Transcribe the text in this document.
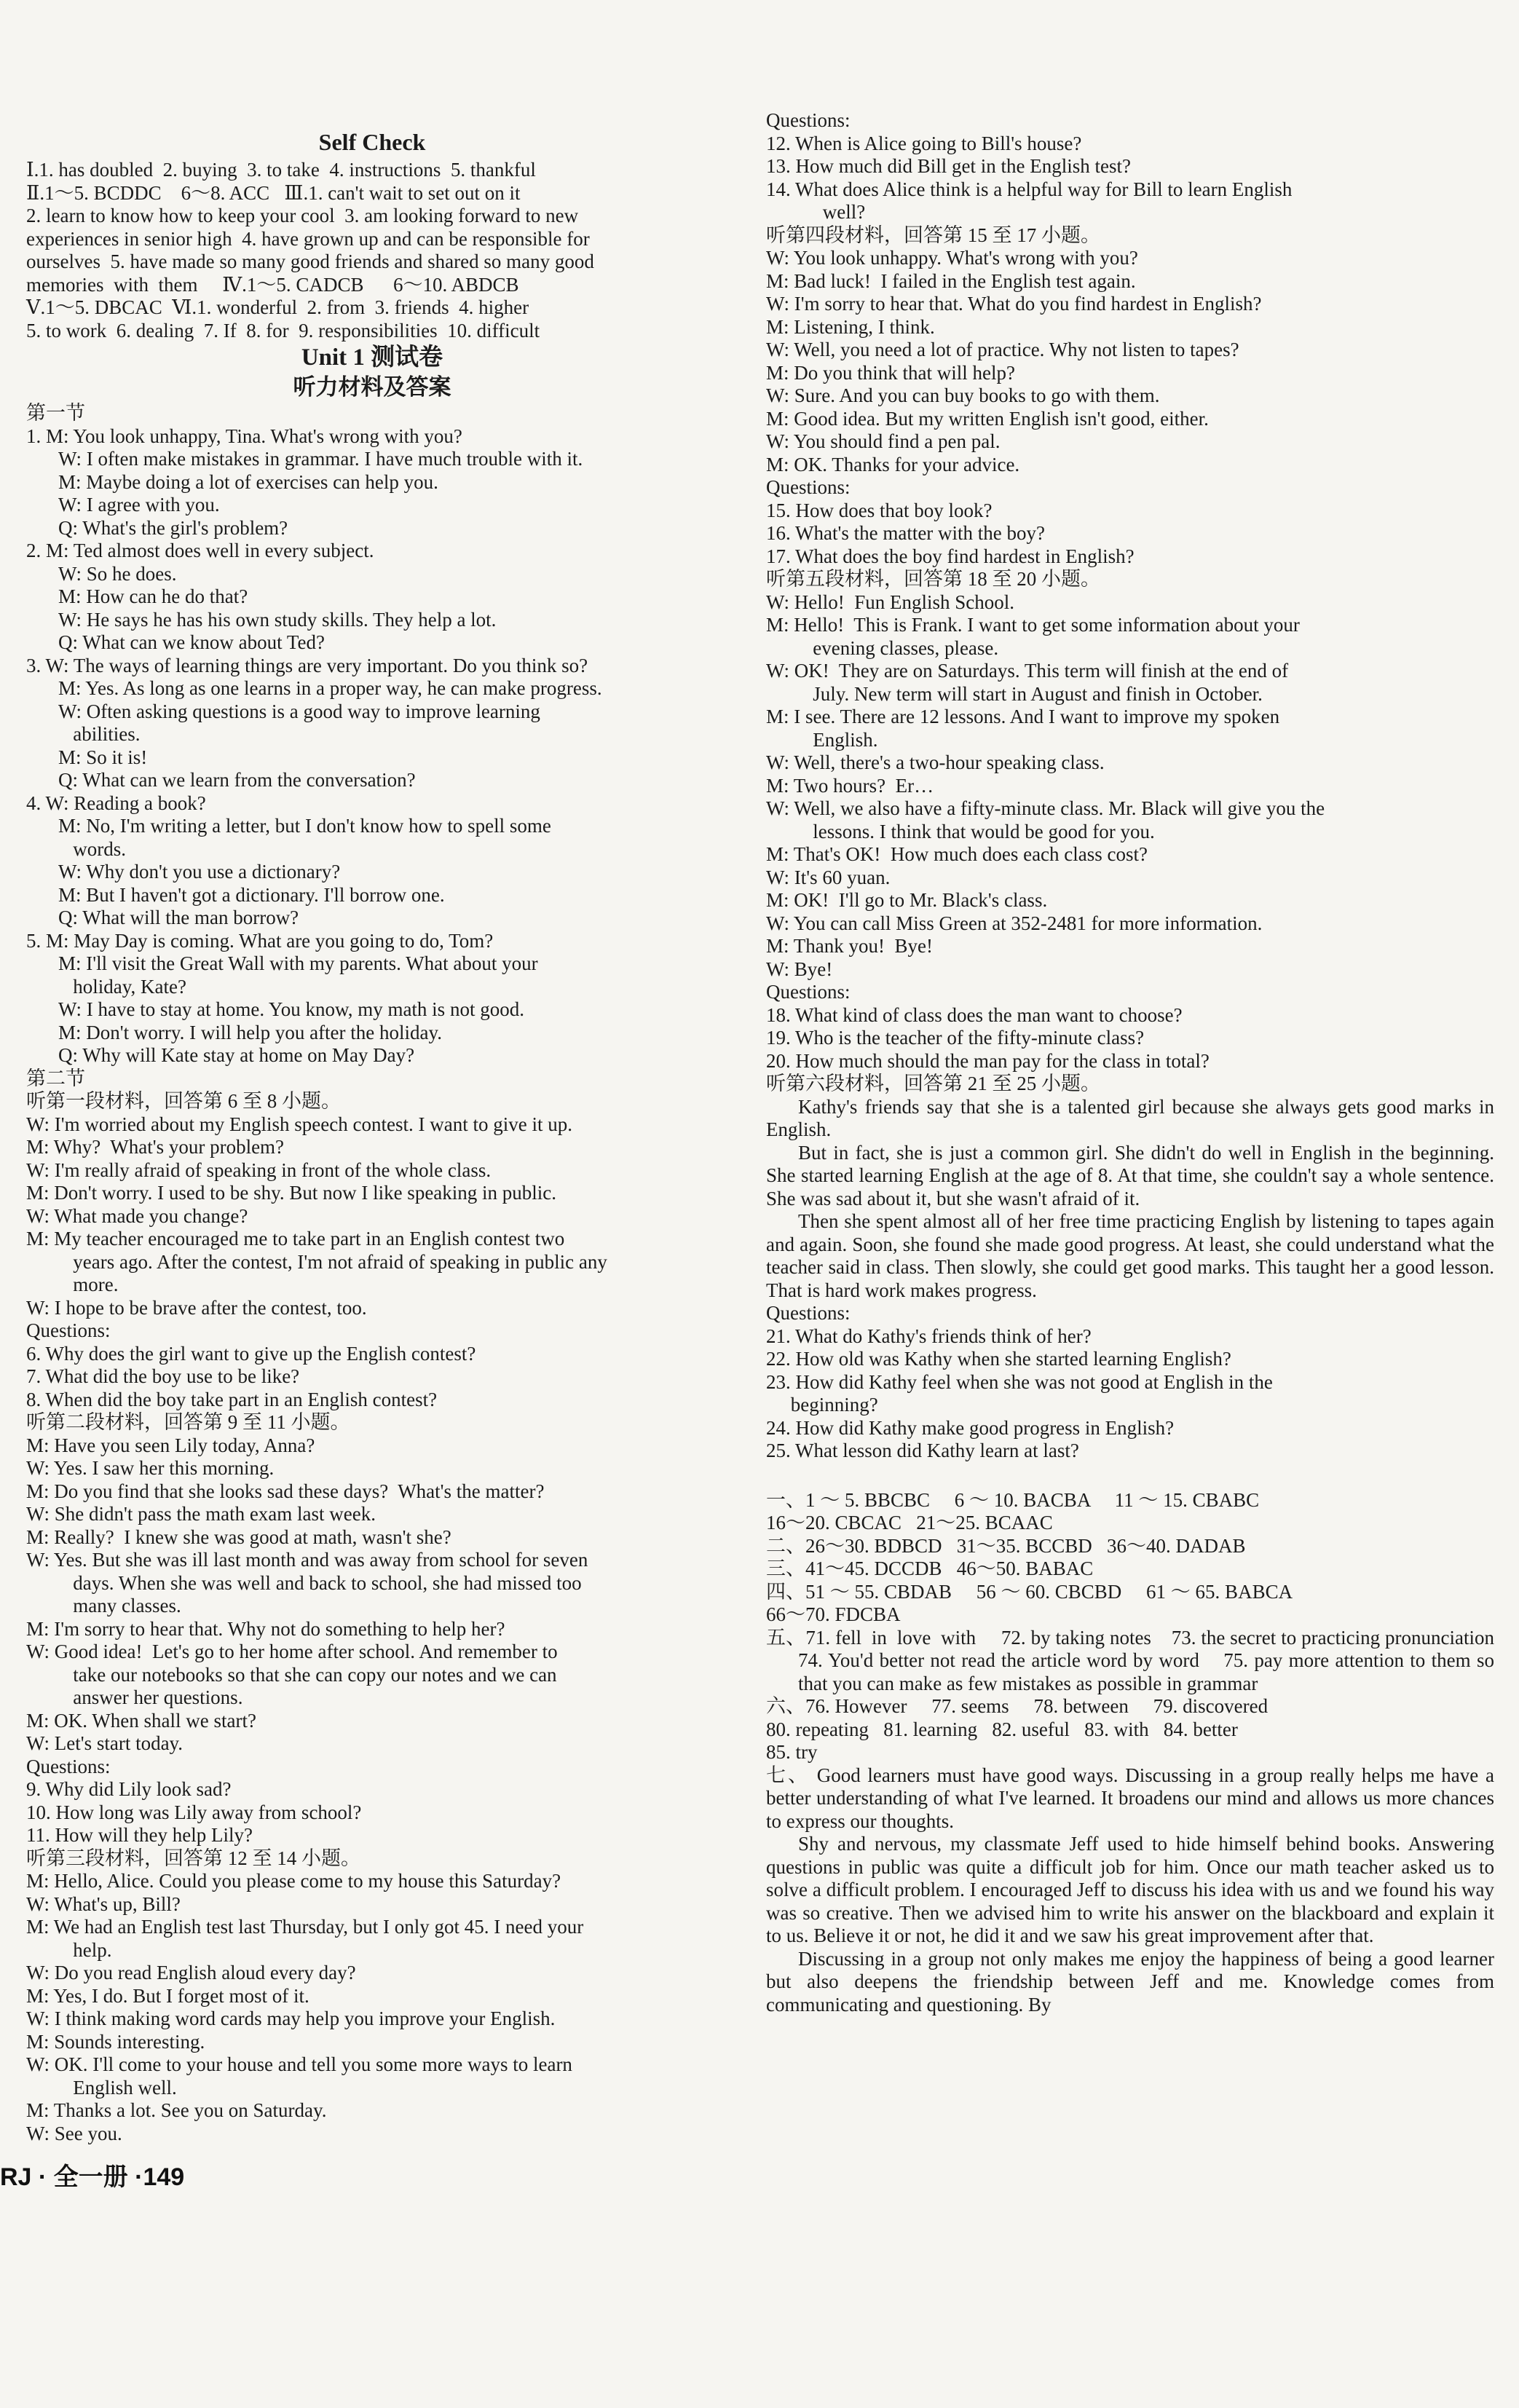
Self Check
Ⅰ.1. has doubled  2. buying  3. to take  4. instructions  5. thankful
Ⅱ.1～5. BCDDC    6～8. ACC   Ⅲ.1. can't wait to set out on it
2. learn to know how to keep your cool  3. am looking forward to new
experiences in senior high  4. have grown up and can be responsible for
ourselves  5. have made so many good friends and shared so many good
memories  with  them     Ⅳ.1～5. CADCB      6～10. ABDCB
Ⅴ.1～5. DBCAC  Ⅵ.1. wonderful  2. from  3. friends  4. higher
5. to work  6. dealing  7. If  8. for  9. responsibilities  10. difficult
Unit 1 测试卷
听力材料及答案
第一节
1. M: You look unhappy, Tina. What's wrong with you?
W: I often make mistakes in grammar. I have much trouble with it.
M: Maybe doing a lot of exercises can help you.
W: I agree with you.
Q: What's the girl's problem?
2. M: Ted almost does well in every subject.
W: So he does.
M: How can he do that?
W: He says he has his own study skills. They help a lot.
Q: What can we know about Ted?
3. W: The ways of learning things are very important. Do you think so?
M: Yes. As long as one learns in a proper way, he can make progress.
W: Often asking questions is a good way to improve learning
abilities.
M: So it is!
Q: What can we learn from the conversation?
4. W: Reading a book?
M: No, I'm writing a letter, but I don't know how to spell some
words.
W: Why don't you use a dictionary?
M: But I haven't got a dictionary. I'll borrow one.
Q: What will the man borrow?
5. M: May Day is coming. What are you going to do, Tom?
M: I'll visit the Great Wall with my parents. What about your
holiday, Kate?
W: I have to stay at home. You know, my math is not good.
M: Don't worry. I will help you after the holiday.
Q: Why will Kate stay at home on May Day?
第二节
听第一段材料，回答第 6 至 8 小题。
W: I'm worried about my English speech contest. I want to give it up.
M: Why?  What's your problem?
W: I'm really afraid of speaking in front of the whole class.
M: Don't worry. I used to be shy. But now I like speaking in public.
W: What made you change?
M: My teacher encouraged me to take part in an English contest two
years ago. After the contest, I'm not afraid of speaking in public any
more.
W: I hope to be brave after the contest, too.
Questions:
6. Why does the girl want to give up the English contest?
7. What did the boy use to be like?
8. When did the boy take part in an English contest?
听第二段材料，回答第 9 至 11 小题。
M: Have you seen Lily today, Anna?
W: Yes. I saw her this morning.
M: Do you find that she looks sad these days?  What's the matter?
W: She didn't pass the math exam last week.
M: Really?  I knew she was good at math, wasn't she?
W: Yes. But she was ill last month and was away from school for seven
days. When she was well and back to school, she had missed too
many classes.
M: I'm sorry to hear that. Why not do something to help her?
W: Good idea!  Let's go to her home after school. And remember to
take our notebooks so that she can copy our notes and we can
answer her questions.
M: OK. When shall we start?
W: Let's start today.
Questions:
9. Why did Lily look sad?
10. How long was Lily away from school?
11. How will they help Lily?
听第三段材料，回答第 12 至 14 小题。
M: Hello, Alice. Could you please come to my house this Saturday?
W: What's up, Bill?
M: We had an English test last Thursday, but I only got 45. I need your
help.
W: Do you read English aloud every day?
M: Yes, I do. But I forget most of it.
W: I think making word cards may help you improve your English.
M: Sounds interesting.
W: OK. I'll come to your house and tell you some more ways to learn
English well.
M: Thanks a lot. See you on Saturday.
W: See you.
Questions:
12. When is Alice going to Bill's house?
13. How much did Bill get in the English test?
14. What does Alice think is a helpful way for Bill to learn English
well?
听第四段材料，回答第 15 至 17 小题。
W: You look unhappy. What's wrong with you?
M: Bad luck!  I failed in the English test again.
W: I'm sorry to hear that. What do you find hardest in English?
M: Listening, I think.
W: Well, you need a lot of practice. Why not listen to tapes?
M: Do you think that will help?
W: Sure. And you can buy books to go with them.
M: Good idea. But my written English isn't good, either.
W: You should find a pen pal.
M: OK. Thanks for your advice.
Questions:
15. How does that boy look?
16. What's the matter with the boy?
17. What does the boy find hardest in English?
听第五段材料，回答第 18 至 20 小题。
W: Hello!  Fun English School.
M: Hello!  This is Frank. I want to get some information about your
evening classes, please.
W: OK!  They are on Saturdays. This term will finish at the end of
July. New term will start in August and finish in October.
M: I see. There are 12 lessons. And I want to improve my spoken
English.
W: Well, there's a two-hour speaking class.
M: Two hours?  Er…
W: Well, we also have a fifty-minute class. Mr. Black will give you the
lessons. I think that would be good for you.
M: That's OK!  How much does each class cost?
W: It's 60 yuan.
M: OK!  I'll go to Mr. Black's class.
W: You can call Miss Green at 352-2481 for more information.
M: Thank you!  Bye!
W: Bye!
Questions:
18. What kind of class does the man want to choose?
19. Who is the teacher of the fifty-minute class?
20. How much should the man pay for the class in total?
听第六段材料，回答第 21 至 25 小题。
Kathy's friends say that she is a talented girl because she always gets good marks in English.
But in fact, she is just a common girl. She didn't do well in English in the beginning. She started learning English at the age of 8. At that time, she couldn't say a whole sentence. She was sad about it, but she wasn't afraid of it.
Then she spent almost all of her free time practicing English by listening to tapes again and again. Soon, she found she made good progress. At least, she could understand what the teacher said in class. Then slowly, she could get good marks. This taught her a good lesson. That is hard work makes progress.
Questions:
21. What do Kathy's friends think of her?
22. How old was Kathy when she started learning English?
23. How did Kathy feel when she was not good at English in the
beginning?
24. How did Kathy make good progress in English?
25. What lesson did Kathy learn at last?
一、1 ～ 5. BBCBC     6 ～ 10. BACBA     11 ～ 15. CBABC
16～20. CBCAC   21～25. BCAAC
二、26～30. BDBCD   31～35. BCCBD   36～40. DADAB
三、41～45. DCCDB   46～50. BABAC
四、51 ～ 55. CBDAB     56 ～ 60. CBCBD     61 ～ 65. BABCA
66～70. FDCBA
五、71. fell  in  love  with     72. by taking notes    73. the secret to practicing pronunciation    74. You'd better not read the article word by word    75. pay more attention to them so that you can make as few mistakes as possible in grammar
六、76. However     77. seems     78. between     79. discovered
80. repeating   81. learning   82. useful   83. with   84. better
85. try
七、 Good learners must have good ways. Discussing in a group really helps me have a better understanding of what I've learned. It broadens our mind and allows us more chances to express our thoughts.
Shy and nervous, my classmate Jeff used to hide himself behind books. Answering questions in public was quite a difficult job for him. Once our math teacher asked us to solve a difficult problem. I encouraged Jeff to discuss his idea with us and we found his way was so creative. Then we advised him to write his answer on the blackboard and explain it to us. Believe it or not, he did it and we saw his great improvement after that.
Discussing in a group not only makes me enjoy the happiness of being a good learner but also deepens the friendship between Jeff and me. Knowledge comes from communicating and questioning. By
RJ · 全一册 ·149
